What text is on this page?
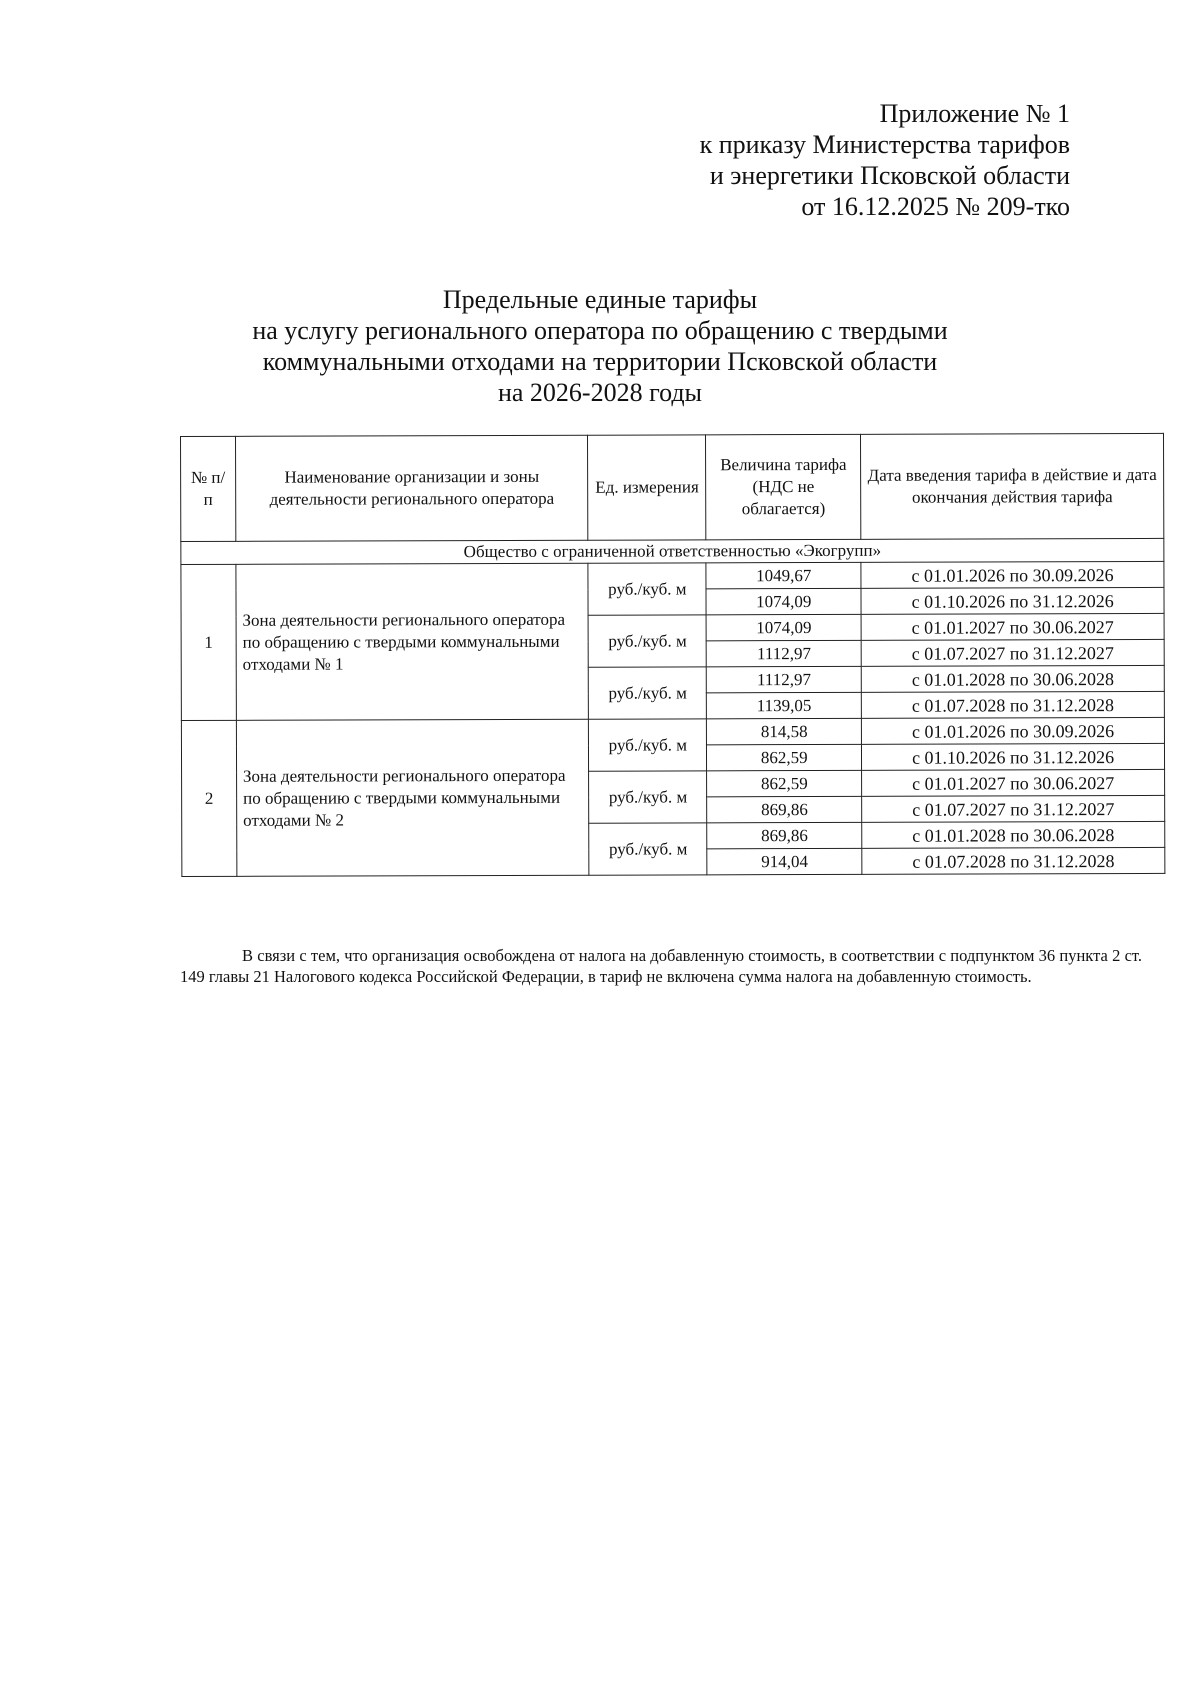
Приложение № 1
к приказу Министерства тарифов
и энергетики Псковской области
от 16.12.2025 № 209-тко
Предельные единые тарифы
на услугу регионального оператора по обращению с твердыми
коммунальными отходами на территории Псковской области
на 2026-2028 годы
№ п/п	Наименование организации и зоны деятельности регионального оператора	Ед. измерения	Величина тарифа (НДС не облагается)	Дата введения тарифа в действие и дата окончания действия тарифа
Общество с ограниченной ответственностью «Экогрупп»				
1	Зона деятельности регионального оператора по обращению с твердыми коммунальными отходами № 1	руб./куб. м	1049,67	с 01.01.2026 по 30.09.2026
			1074,09	с 01.10.2026 по 31.12.2026
		руб./куб. м	1074,09	с 01.01.2027 по 30.06.2027
			1112,97	с 01.07.2027 по 31.12.2027
		руб./куб. м	1112,97	с 01.01.2028 по 30.06.2028
			1139,05	с 01.07.2028 по 31.12.2028
2	Зона деятельности регионального оператора по обращению с твердыми коммунальными отходами № 2	руб./куб. м	814,58	с 01.01.2026 по 30.09.2026
			862,59	с 01.10.2026 по 31.12.2026
		руб./куб. м	862,59	с 01.01.2027 по 30.06.2027
			869,86	с 01.07.2027 по 31.12.2027
		руб./куб. м	869,86	с 01.01.2028 по 30.06.2028
			914,04	с 01.07.2028 по 31.12.2028

В связи с тем, что организация освобождена от налога на добавленную стоимость, в соответствии с подпунктом 36 пункта 2 ст. 149 главы 21 Налогового кодекса Российской Федерации, в тариф не включена сумма налога на добавленную стоимость.
